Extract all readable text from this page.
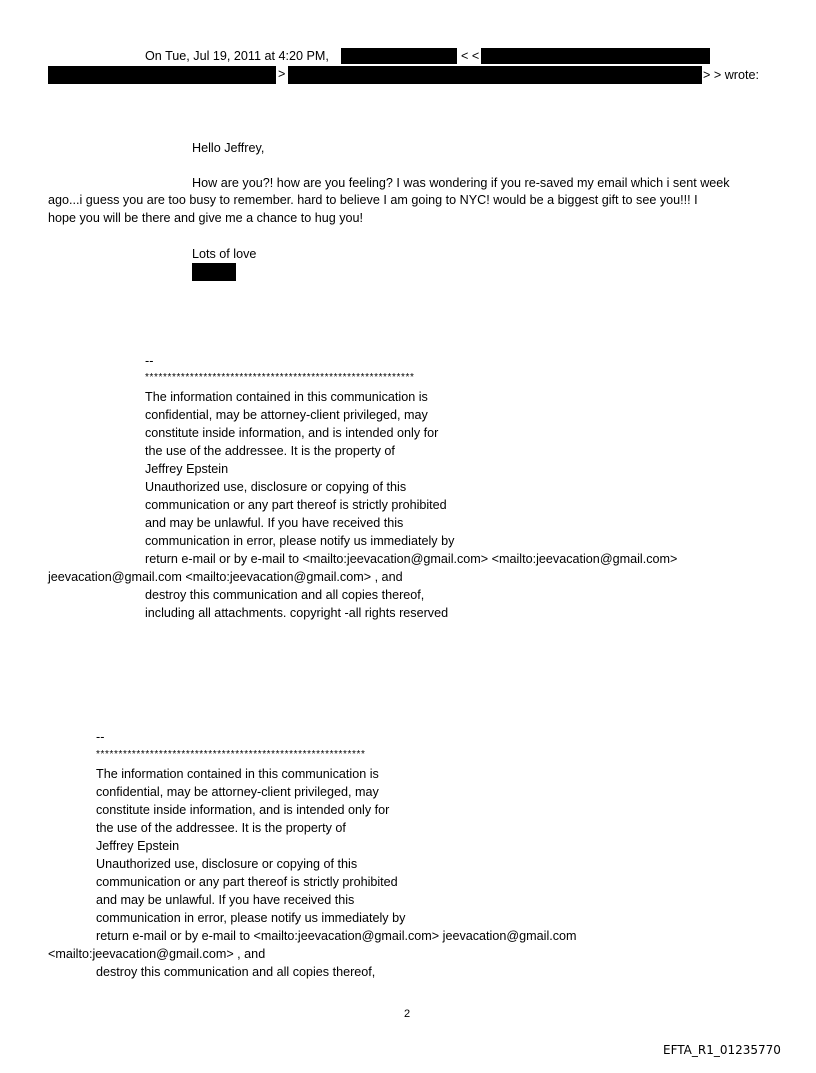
On Tue, Jul 19, 2011 at 4:20 PM,	< <

>	> > wrote:

Hello Jeffrey,

How are you?! how are you feeling? I was wondering if you re-saved my email which i sent week

ago...i guess you are too busy to remember. hard to believe I am going to NYC! would be a biggest gift to see you!!! I

hope you will be there and give me a chance to hug you!

Lots of love

--

************************************************************

The information contained in this communication is

confidential, may be attorney-client privileged, may

constitute inside information, and is intended only for

the use of the addressee. It is the property of

Jeffrey Epstein

Unauthorized use, disclosure or copying of this

communication or any part thereof is strictly prohibited

and may be unlawful. If you have received this

communication in error, please notify us immediately by

return e-mail or by e-mail to <mailto:jeevacation@gmail.com> <mailto:jeevacation@gmail.com>

jeevacation@gmail.com <mailto:jeevacation@gmail.com> , and

destroy this communication and all copies thereof,

including all attachments. copyright -all rights reserved

--

************************************************************

The information contained in this communication is

confidential, may be attorney-client privileged, may

constitute inside information, and is intended only for

the use of the addressee. It is the property of

Jeffrey Epstein

Unauthorized use, disclosure or copying of this

communication or any part thereof is strictly prohibited

and may be unlawful. If you have received this

communication in error, please notify us immediately by

return e-mail or by e-mail to <mailto:jeevacation@gmail.com> jeevacation@gmail.com

<mailto:jeevacation@gmail.com> , and

destroy this communication and all copies thereof,

2

EFTA_R1_01235770
